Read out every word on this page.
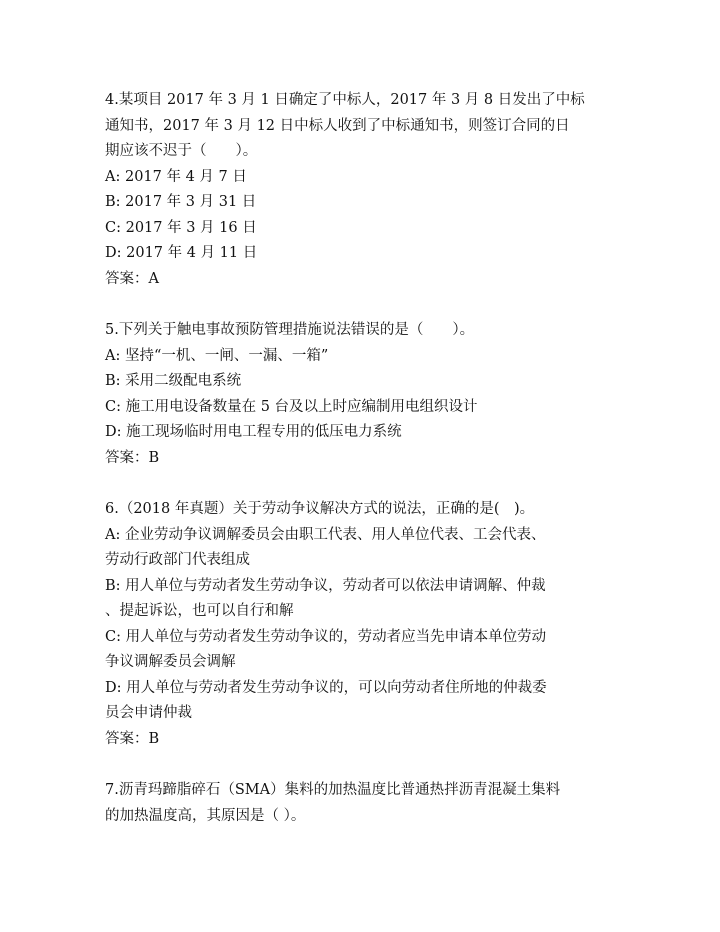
4.某项目 2017 年 3 月 1 日确定了中标人，2017 年 3 月 8 日发出了中标
通知书，2017 年 3 月 12 日中标人收到了中标通知书，则签订合同的日
期应该不迟于（　　）。
A: 2017 年 4 月 7 日
B: 2017 年 3 月 31 日
C: 2017 年 3 月 16 日
D: 2017 年 4 月 11 日
答案：A
5.下列关于触电事故预防管理措施说法错误的是（　　）。
A: 坚持“一机、一闸、一漏、一箱”
B: 采用二级配电系统
C: 施工用电设备数量在 5 台及以上时应编制用电组织设计
D: 施工现场临时用电工程专用的低压电力系统
答案：B
6.（2018 年真题）关于劳动争议解决方式的说法，正确的是(　)。
A: 企业劳动争议调解委员会由职工代表、用人单位代表、工会代表、
劳动行政部门代表组成
B: 用人单位与劳动者发生劳动争议，劳动者可以依法申请调解、仲裁
、提起诉讼，也可以自行和解
C: 用人单位与劳动者发生劳动争议的，劳动者应当先申请本单位劳动
争议调解委员会调解
D: 用人单位与劳动者发生劳动争议的，可以向劳动者住所地的仲裁委
员会申请仲裁
答案：B
7.沥青玛蹄脂碎石（SMA）集料的加热温度比普通热拌沥青混凝土集料
的加热温度高，其原因是（ ）。
